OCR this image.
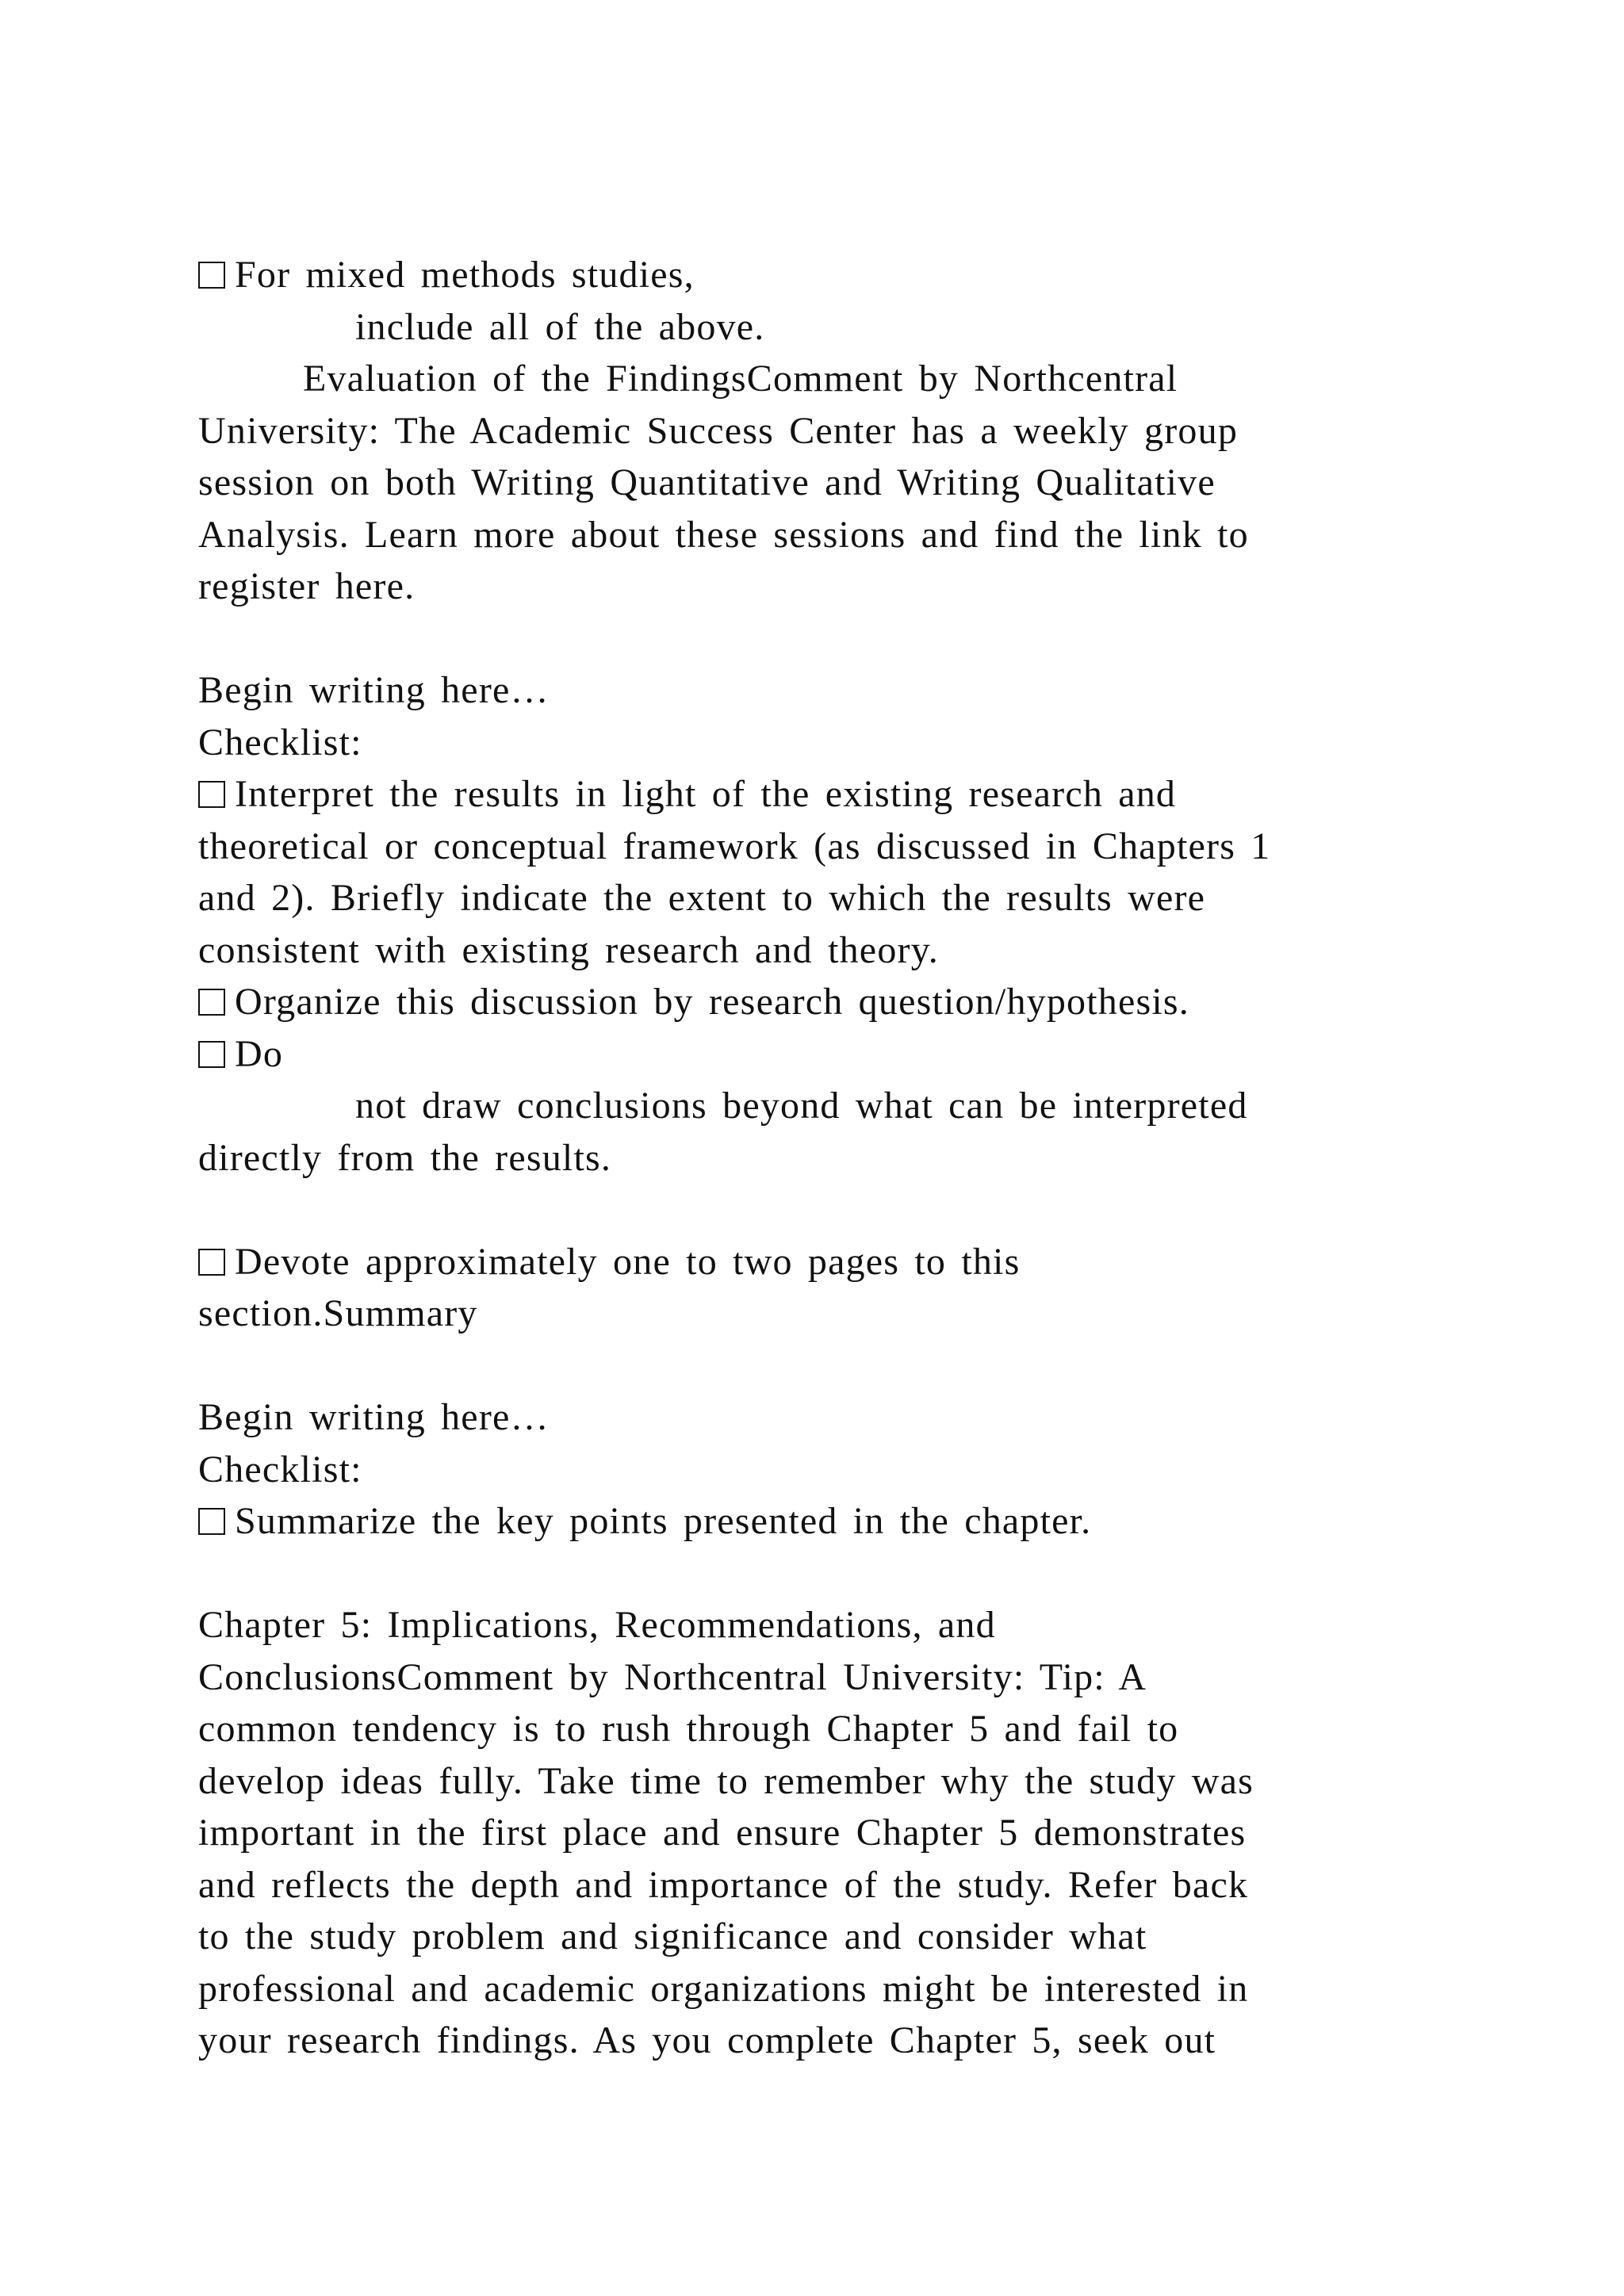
For mixed methods studies,
include all of the above.
Evaluation of the FindingsComment by Northcentral
University: The Academic Success Center has a weekly group
session on both Writing Quantitative and Writing Qualitative
Analysis. Learn more about these sessions and find the link to
register here.
Begin writing here…
Checklist:
Interpret the results in light of the existing research and
theoretical or conceptual framework (as discussed in Chapters 1
and 2). Briefly indicate the extent to which the results were
consistent with existing research and theory.
Organize this discussion by research question/hypothesis.
Do
not draw conclusions beyond what can be interpreted
directly from the results.
Devote approximately one to two pages to this
section.Summary
Begin writing here…
Checklist:
Summarize the key points presented in the chapter.
Chapter 5: Implications, Recommendations, and
ConclusionsComment by Northcentral University: Tip: A
common tendency is to rush through Chapter 5 and fail to
develop ideas fully. Take time to remember why the study was
important in the first place and ensure Chapter 5 demonstrates
and reflects the depth and importance of the study. Refer back
to the study problem and significance and consider what
professional and academic organizations might be interested in
your research findings. As you complete Chapter 5, seek out
